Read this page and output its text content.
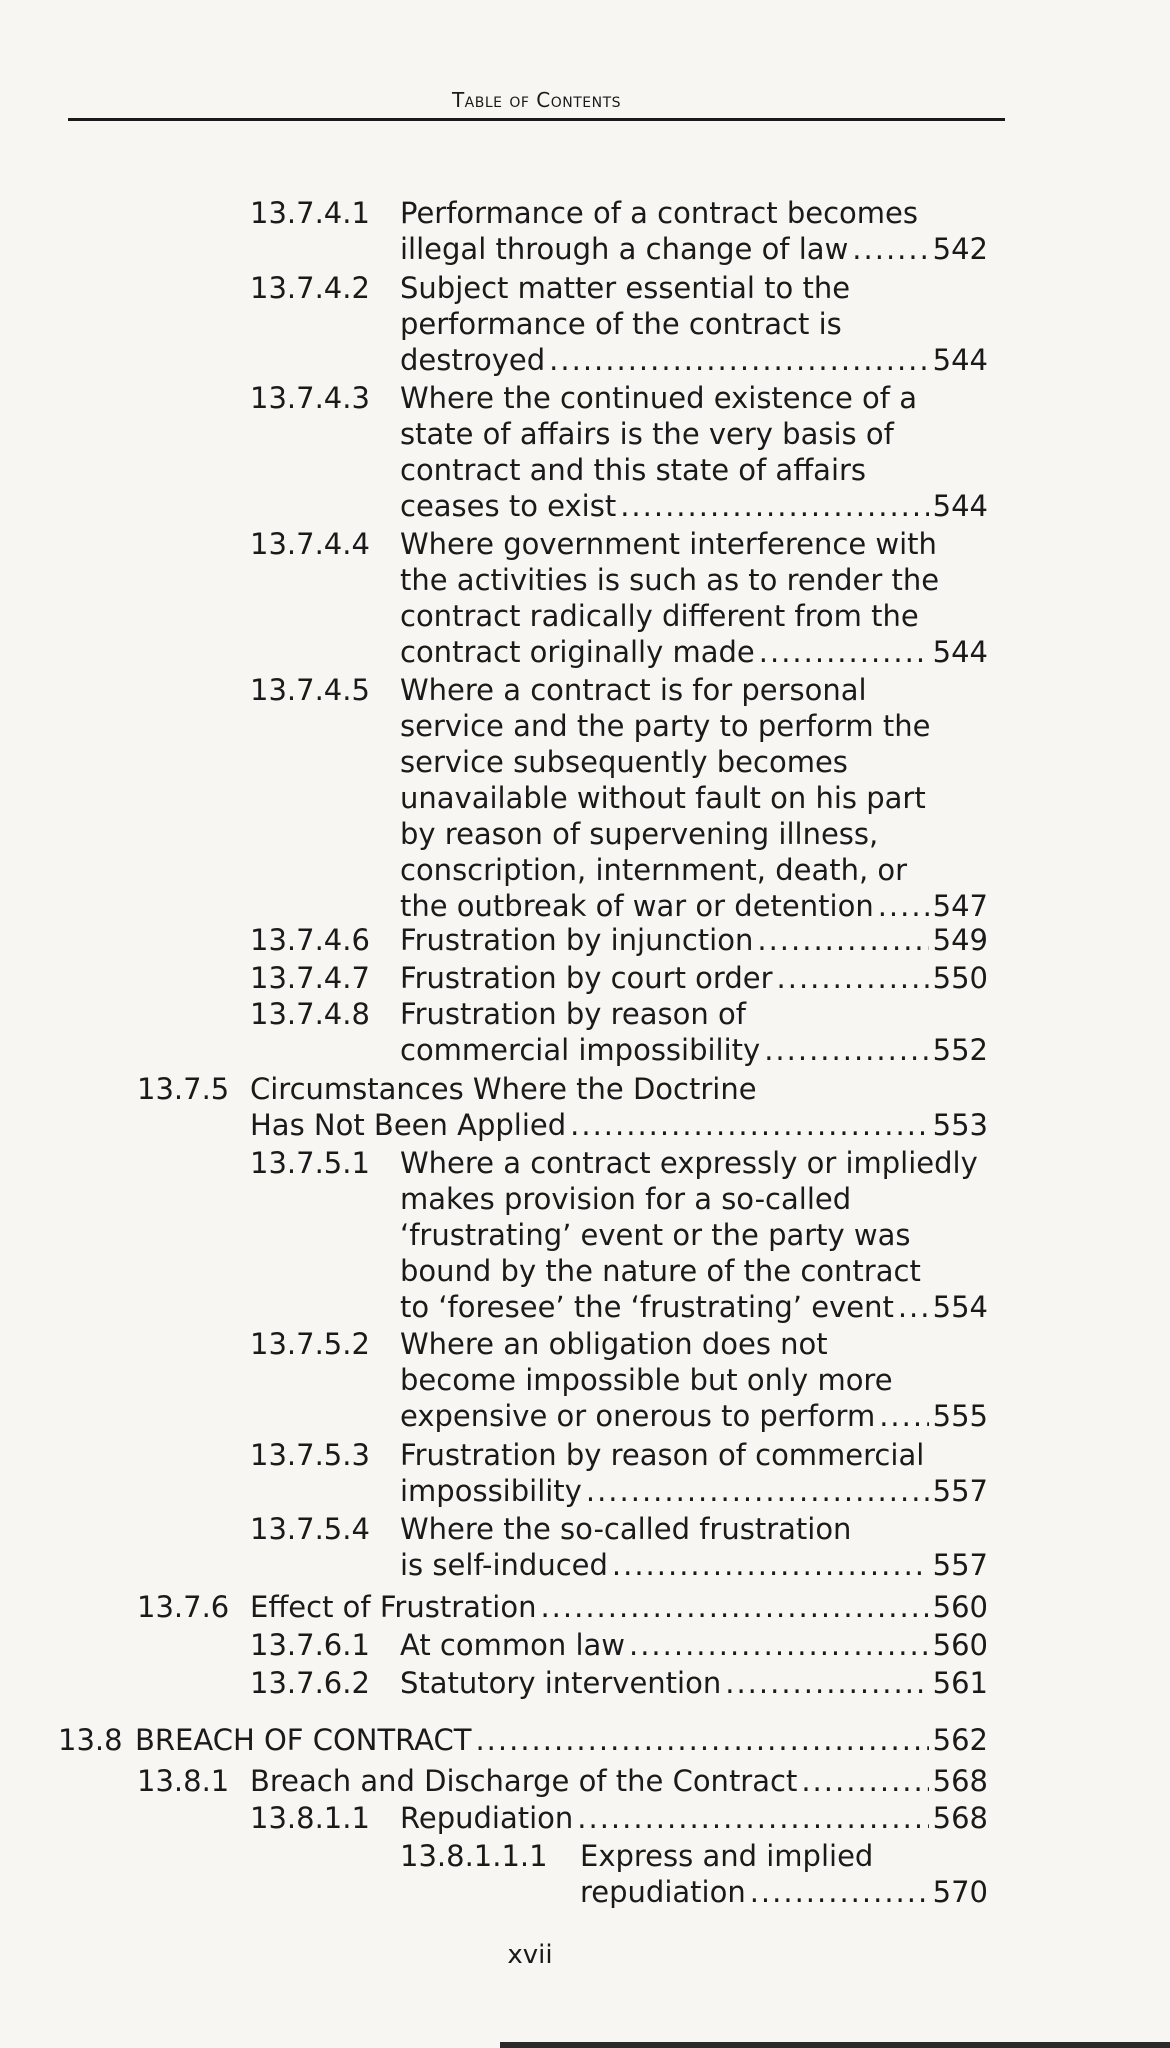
Table of Contents
13.7.4.1 Performance of a contract becomes
illegal through a change of law .....	542
13.7.4.2 Subject matter essential to the
performance of the contract is
destroyed .....	544
13.7.4.3 Where the continued existence of a
state of affairs is the very basis of
contract and this state of affairs
ceases to exist .....	544
13.7.4.4 Where government interference with
the activities is such as to render the
contract radically different from the
contract originally made .....	544
13.7.4.5 Where a contract is for personal
service and the party to perform the
service subsequently becomes
unavailable without fault on his part
by reason of supervening illness,
conscription, internment, death, or
the outbreak of war or detention ..... 547
13.7.4.6 Frustration by injunction .....	549
13.7.4.7 Frustration by court order .....	550
13.7.4.8 Frustration by reason of
commercial impossibility .....	552
13.7.5 Circumstances Where the Doctrine
Has Not Been Applied .....	553
13.7.5.1 Where a contract expressly or impliedly
makes provision for a so-called
‘frustrating’ event or the party was
bound by the nature of the contract
to ‘foresee’ the ‘frustrating’ event ..... 554
13.7.5.2 Where an obligation does not
become impossible but only more
expensive or onerous to perform ..... 555
13.7.5.3 Frustration by reason of commercial
impossibility .....	557
13.7.5.4 Where the so-called frustration
is self-induced .....	557
13.7.6 Effect of Frustration .....	560
13.7.6.1 At common law .....	560
13.7.6.2 Statutory intervention .....	561
13.8 BREACH OF CONTRACT .....	562
13.8.1 Breach and Discharge of the Contract .....	568
13.8.1.1 Repudiation .....	568
13.8.1.1.1 Express and implied
repudiation .....	570
xvii
